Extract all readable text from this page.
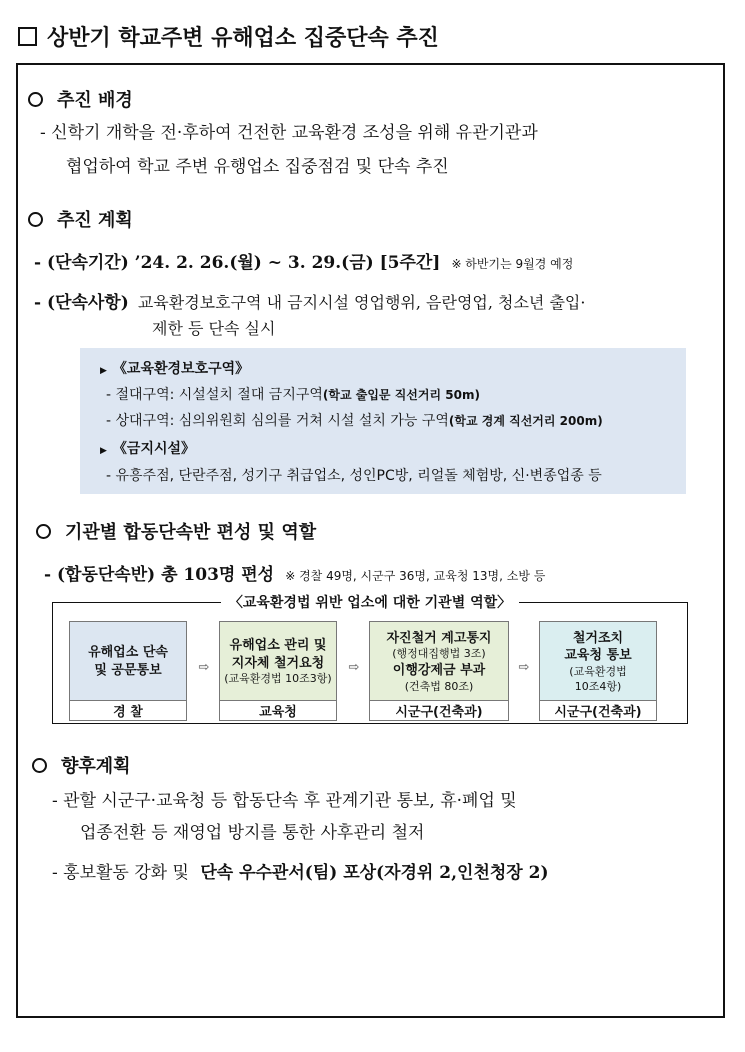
상반기 학교주변 유해업소 집중단속 추진
추진 배경
- 신학기 개학을 전·후하여 건전한 교육환경 조성을 위해 유관기관과
협업하여 학교 주변 유행업소 집중점검 및 단속 추진
추진 계획
- (단속기간) ’24. 2. 26.(월) ~ 3. 29.(금) [5주간] ※ 하반기는 9월경 예정
- (단속사항) 교육환경보호구역 내 금지시설 영업행위, 음란영업, 청소년 출입·
제한 등 단속 실시
▶ 《교육환경보호구역》
- 절대구역: 시설설치 절대 금지구역(학교 출입문 직선거리 50m)
- 상대구역: 심의위원회 심의를 거쳐 시설 설치 가능 구역(학교 경계 직선거리 200m)
▶ 《금지시설》
- 유흥주점, 단란주점, 성기구 취급업소, 성인PC방, 리얼돌 체험방, 신·변종업종 등
기관별 합동단속반 편성 및 역할
- (합동단속반) 총 103명 편성 ※ 경찰 49명, 시군구 36명, 교육청 13명, 소방 등
〈교육환경법 위반 업소에 대한 기관별 역할〉
유해업소 단속
및 공문통보
경 찰
⇨
유해업소 관리 및
지자체 철거요청
(교육환경법 10조3항)
교육청
⇨
자진철거 계고통지
(행정대집행법 3조)
이행강제금 부과
(건축법 80조)
시군구(건축과)
⇨
철거조치
교육청 통보
(교육환경법
10조4항)
시군구(건축과)
향후계획
- 관할 시군구·교육청 등 합동단속 후 관계기관 통보, 휴·폐업 및
업종전환 등 재영업 방지를 통한 사후관리 철저
- 홍보활동 강화 및 단속 우수관서(팀) 포상(자경위 2,인천청장 2)
